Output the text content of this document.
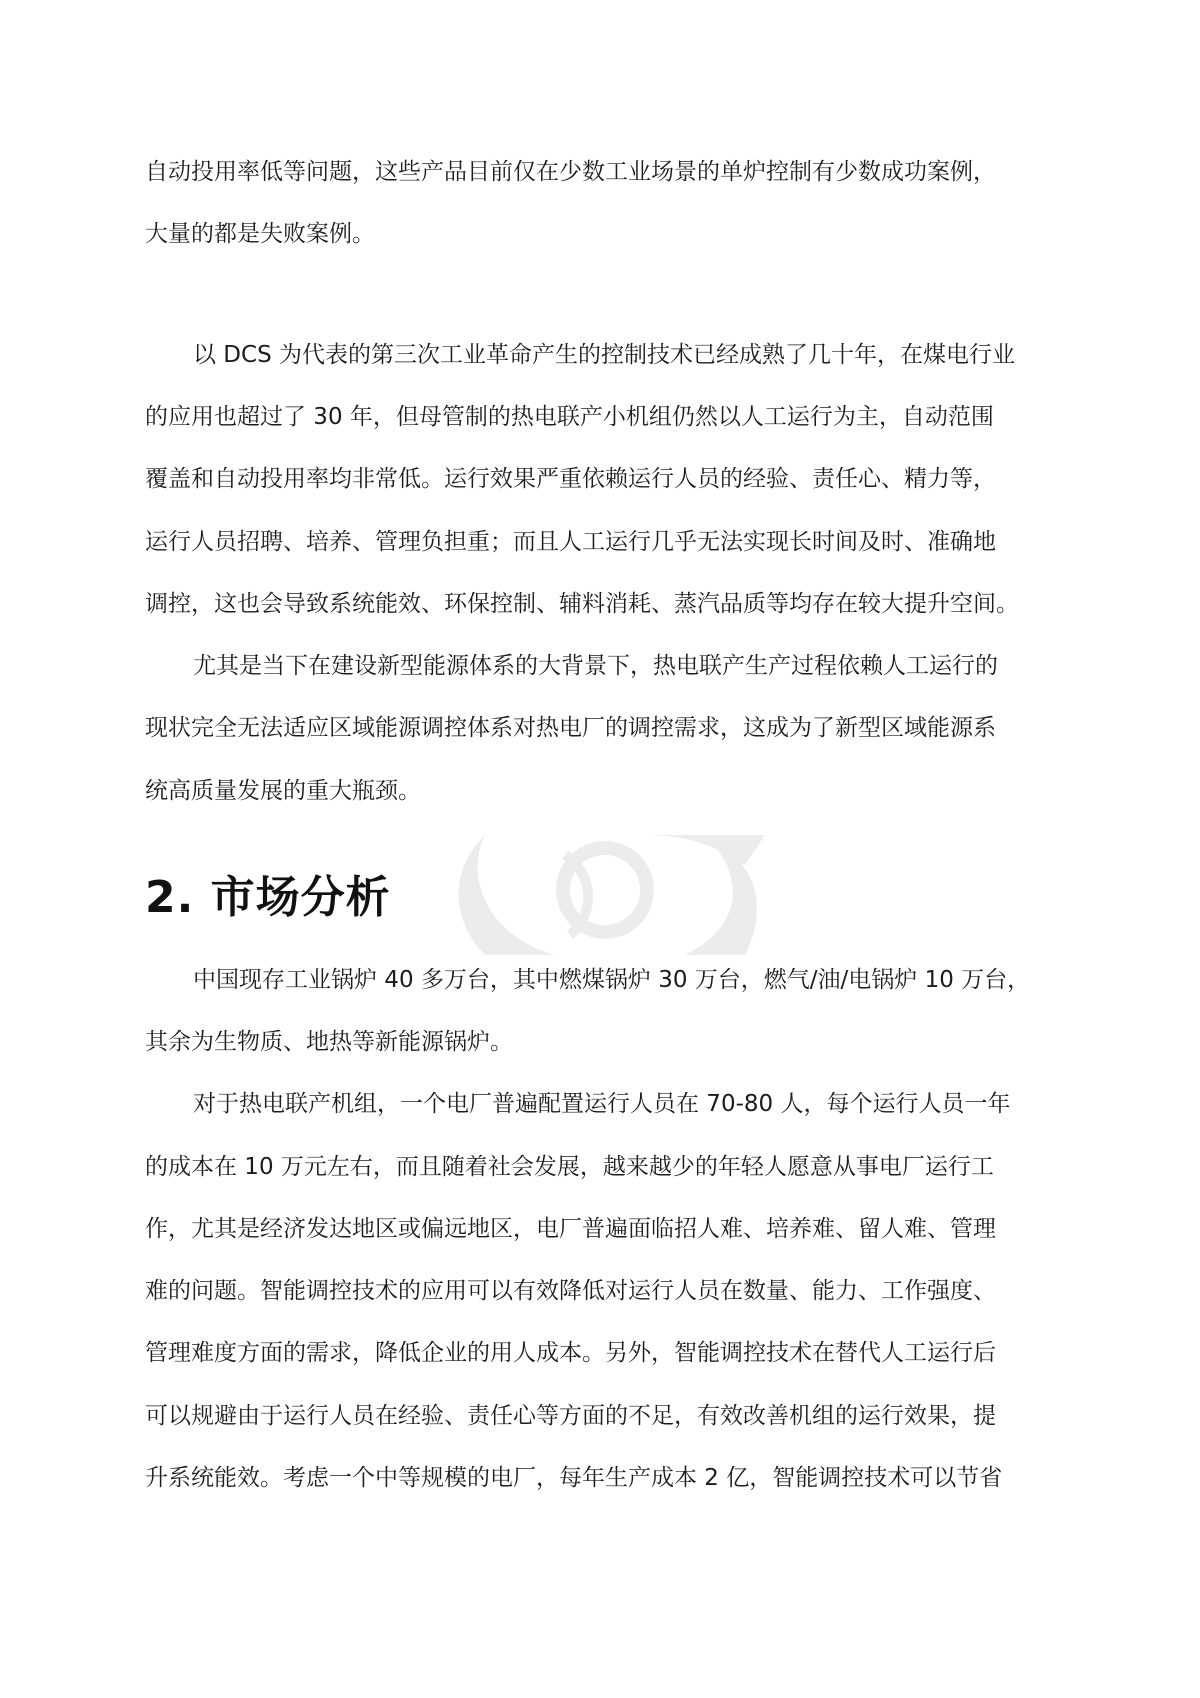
自动投用率低等问题，这些产品目前仅在少数工业场景的单炉控制有少数成功案例，
大量的都是失败案例。
以 DCS 为代表的第三次工业革命产生的控制技术已经成熟了几十年，在煤电行业
的应用也超过了 30 年，但母管制的热电联产小机组仍然以人工运行为主，自动范围
覆盖和自动投用率均非常低。运行效果严重依赖运行人员的经验、责任心、精力等，
运行人员招聘、培养、管理负担重；而且人工运行几乎无法实现长时间及时、准确地
调控，这也会导致系统能效、环保控制、辅料消耗、蒸汽品质等均存在较大提升空间。
尤其是当下在建设新型能源体系的大背景下，热电联产生产过程依赖人工运行的
现状完全无法适应区域能源调控体系对热电厂的调控需求，这成为了新型区域能源系
统高质量发展的重大瓶颈。
2. 市场分析
中国现存工业锅炉 40 多万台，其中燃煤锅炉 30 万台，燃气/油/电锅炉 10 万台，
其余为生物质、地热等新能源锅炉。
对于热电联产机组，一个电厂普遍配置运行人员在 70-80 人，每个运行人员一年
的成本在 10 万元左右，而且随着社会发展，越来越少的年轻人愿意从事电厂运行工
作，尤其是经济发达地区或偏远地区，电厂普遍面临招人难、培养难、留人难、管理
难的问题。智能调控技术的应用可以有效降低对运行人员在数量、能力、工作强度、
管理难度方面的需求，降低企业的用人成本。另外，智能调控技术在替代人工运行后
可以规避由于运行人员在经验、责任心等方面的不足，有效改善机组的运行效果，提
升系统能效。考虑一个中等规模的电厂，每年生产成本 2 亿，智能调控技术可以节省
